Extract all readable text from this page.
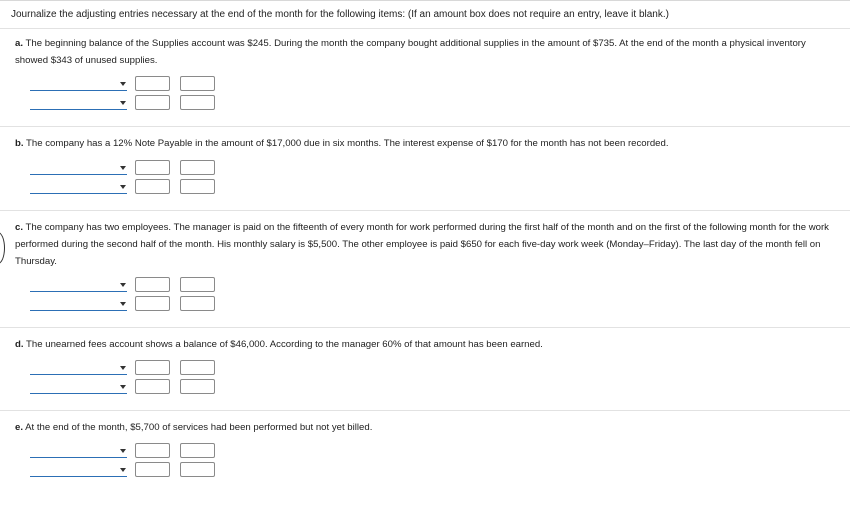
Journalize the adjusting entries necessary at the end of the month for the following items: (If an amount box does not require an entry, leave it blank.)
a. The beginning balance of the Supplies account was $245. During the month the company bought additional supplies in the amount of $735. At the end of the month a physical inventory showed $343 of unused supplies.
b. The company has a 12% Note Payable in the amount of $17,000 due in six months. The interest expense of $170 for the month has not been recorded.
c. The company has two employees. The manager is paid on the fifteenth of every month for work performed during the first half of the month and on the first of the following month for the work performed during the second half of the month. His monthly salary is $5,500. The other employee is paid $650 for each five-day work week (Monday–Friday). The last day of the month fell on Thursday.
d. The unearned fees account shows a balance of $46,000. According to the manager 60% of that amount has been earned.
e. At the end of the month, $5,700 of services had been performed but not yet billed.
